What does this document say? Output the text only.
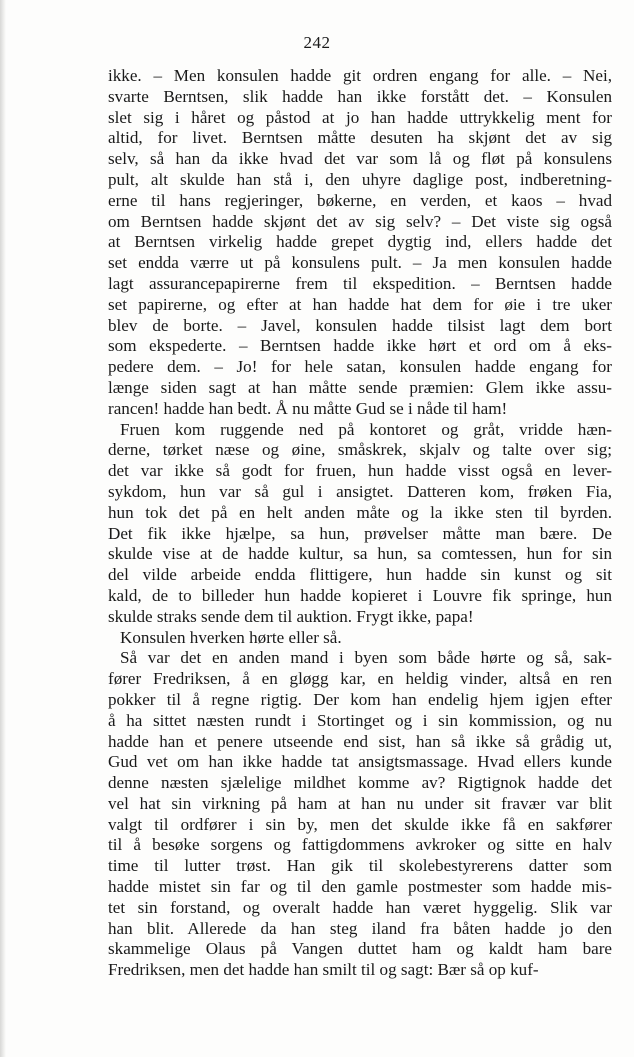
242
ikke. – Men konsulen hadde git ordren engang for alle. – Nei,
svarte Berntsen, slik hadde han ikke forstått det. – Konsulen
slet sig i håret og påstod at jo han hadde uttrykkelig ment for
altid, for livet. Berntsen måtte desuten ha skjønt det av sig
selv, så han da ikke hvad det var som lå og fløt på konsulens
pult, alt skulde han stå i, den uhyre daglige post, indberetning-
erne til hans regjeringer, bøkerne, en verden, et kaos – hvad
om Berntsen hadde skjønt det av sig selv? – Det viste sig også
at Berntsen virkelig hadde grepet dygtig ind, ellers hadde det
set endda værre ut på konsulens pult. – Ja men konsulen hadde
lagt assurancepapirerne frem til ekspedition. – Berntsen hadde
set papirerne, og efter at han hadde hat dem for øie i tre uker
blev de borte. – Javel, konsulen hadde tilsist lagt dem bort
som ekspederte. – Berntsen hadde ikke hørt et ord om å eks-
pedere dem. – Jo! for hele satan, konsulen hadde engang for
længe siden sagt at han måtte sende præmien: Glem ikke assu-
rancen! hadde han bedt. Å nu måtte Gud se i nåde til ham!
Fruen kom ruggende ned på kontoret og gråt, vridde hæn-
derne, tørket næse og øine, småskrek, skjalv og talte over sig;
det var ikke så godt for fruen, hun hadde visst også en lever-
sykdom, hun var så gul i ansigtet. Datteren kom, frøken Fia,
hun tok det på en helt anden måte og la ikke sten til byrden.
Det fik ikke hjælpe, sa hun, prøvelser måtte man bære. De
skulde vise at de hadde kultur, sa hun, sa comtessen, hun for sin
del vilde arbeide endda flittigere, hun hadde sin kunst og sit
kald, de to billeder hun hadde kopieret i Louvre fik springe, hun
skulde straks sende dem til auktion. Frygt ikke, papa!
Konsulen hverken hørte eller så.
Så var det en anden mand i byen som både hørte og så, sak-
fører Fredriksen, å en gløgg kar, en heldig vinder, altså en ren
pokker til å regne rigtig. Der kom han endelig hjem igjen efter
å ha sittet næsten rundt i Stortinget og i sin kommission, og nu
hadde han et penere utseende end sist, han så ikke så grådig ut,
Gud vet om han ikke hadde tat ansigtsmassage. Hvad ellers kunde
denne næsten sjælelige mildhet komme av? Rigtignok hadde det
vel hat sin virkning på ham at han nu under sit fravær var blit
valgt til ordfører i sin by, men det skulde ikke få en sakfører
til å besøke sorgens og fattigdommens avkroker og sitte en halv
time til lutter trøst. Han gik til skolebestyrerens datter som
hadde mistet sin far og til den gamle postmester som hadde mis-
tet sin forstand, og overalt hadde han været hyggelig. Slik var
han blit. Allerede da han steg iland fra båten hadde jo den
skammelige Olaus på Vangen duttet ham og kaldt ham bare
Fredriksen, men det hadde han smilt til og sagt: Bær så op kuf-
